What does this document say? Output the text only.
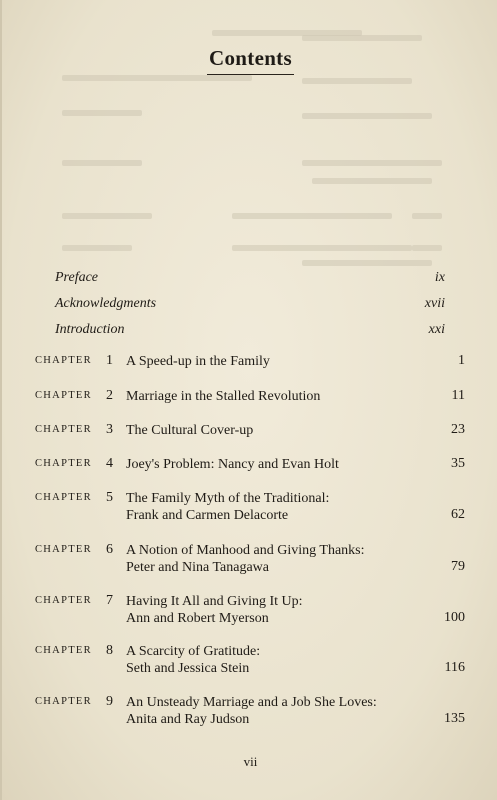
Contents
Preface	ix
Acknowledgments	xvii
Introduction	xxi
CHAPTER	1 A Speed-up in the Family	1
CHAPTER	2 Marriage in the Stalled Revolution	11
CHAPTER	3 The Cultural Cover-up	23
CHAPTER	4 Joey's Problem: Nancy and Evan Holt	35
CHAPTER	5 The Family Myth of the Traditional:
Frank and Carmen Delacorte	62
CHAPTER	6 A Notion of Manhood and Giving Thanks:
Peter and Nina Tanagawa	79
CHAPTER	7 Having It All and Giving It Up:
Ann and Robert Myerson	100
CHAPTER	8 A Scarcity of Gratitude:
Seth and Jessica Stein	116
CHAPTER	9 An Unsteady Marriage and a Job She Loves:
Anita and Ray Judson	135
vii
